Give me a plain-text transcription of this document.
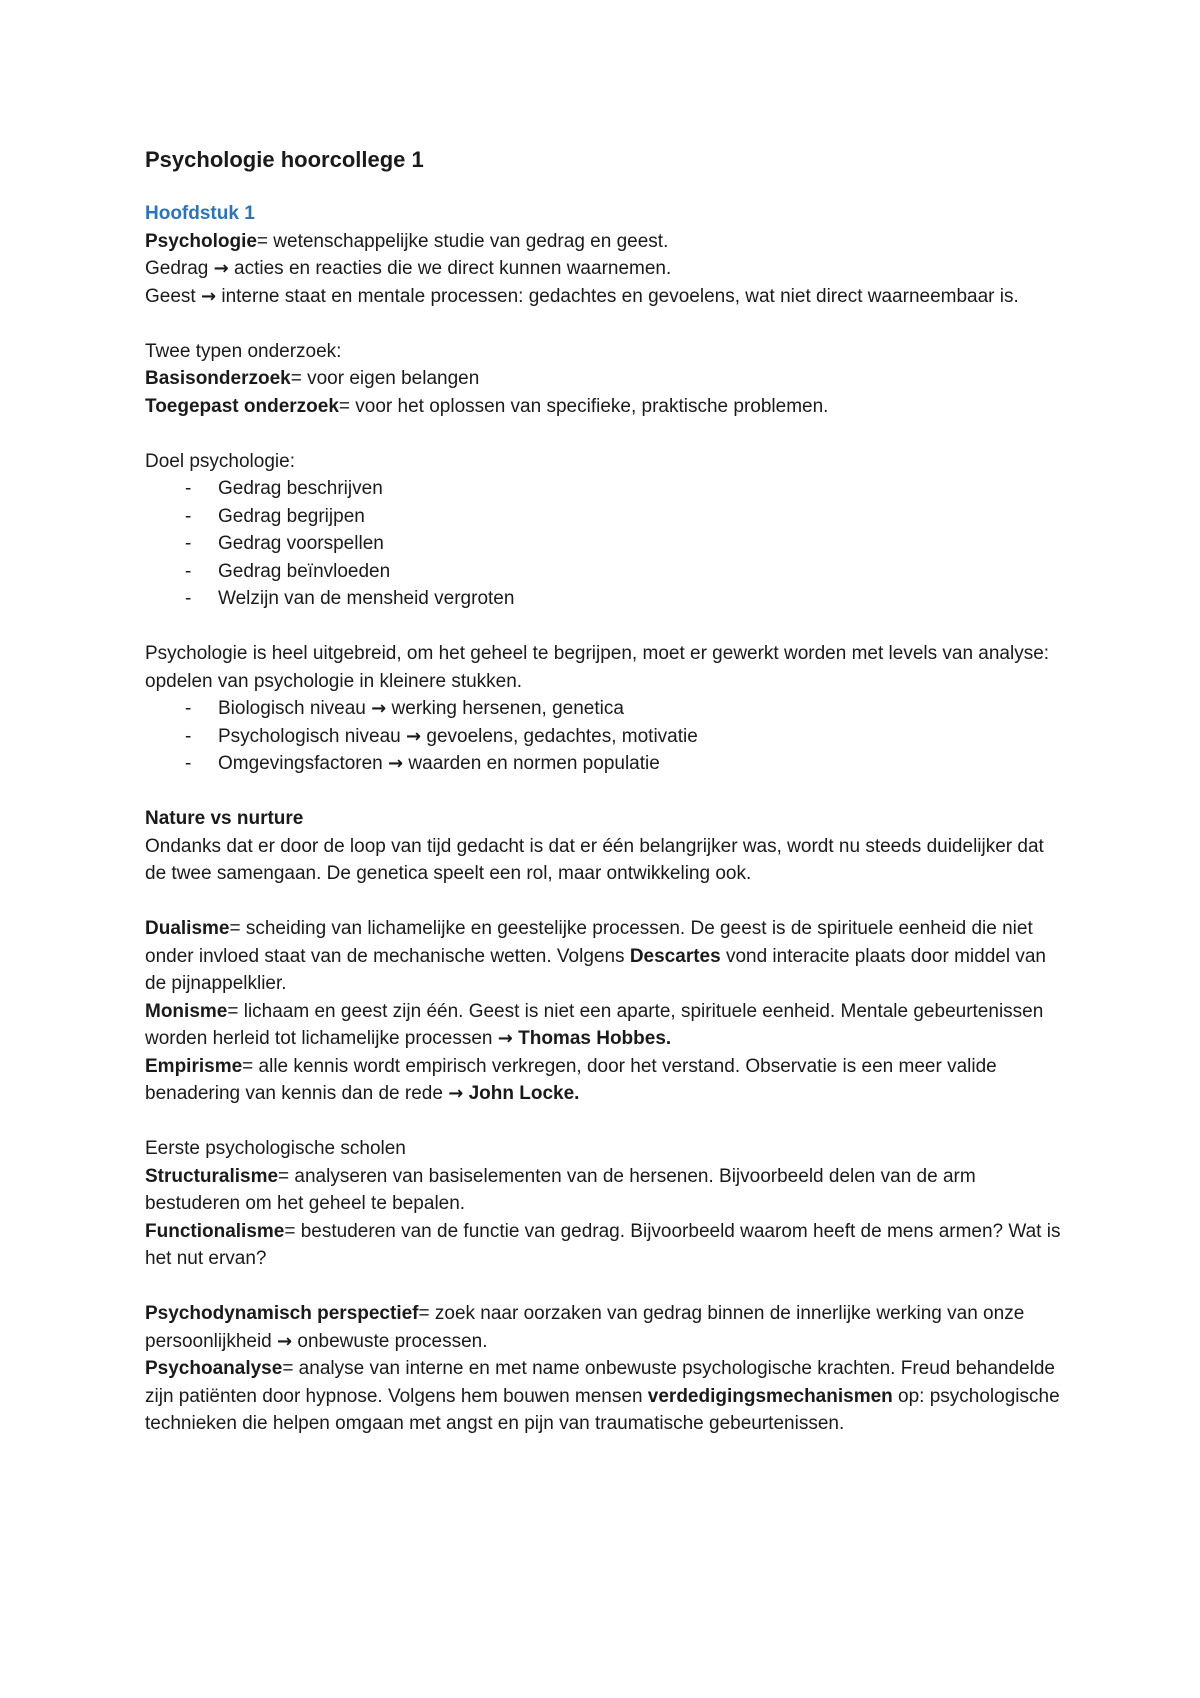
Psychologie hoorcollege 1

Hoofdstuk 1

Psychologie= wetenschappelijke studie van gedrag en geest.

Gedrag → acties en reacties die we direct kunnen waarnemen.

Geest → interne staat en mentale processen: gedachtes en gevoelens, wat niet direct waarneembaar is.

Twee typen onderzoek:

Basisonderzoek= voor eigen belangen

Toegepast onderzoek= voor het oplossen van specifieke, praktische problemen.

Doel psychologie:

- Gedrag beschrijven
- Gedrag begrijpen
- Gedrag voorspellen
- Gedrag beïnvloeden
- Welzijn van de mensheid vergroten

Psychologie is heel uitgebreid, om het geheel te begrijpen, moet er gewerkt worden met levels van analyse: opdelen van psychologie in kleinere stukken.

- Biologisch niveau → werking hersenen, genetica
- Psychologisch niveau → gevoelens, gedachtes, motivatie
- Omgevingsfactoren → waarden en normen populatie

Nature vs nurture

Ondanks dat er door de loop van tijd gedacht is dat er één belangrijker was, wordt nu steeds duidelijker dat de twee samengaan. De genetica speelt een rol, maar ontwikkeling ook.

Dualisme= scheiding van lichamelijke en geestelijke processen. De geest is de spirituele eenheid die niet onder invloed staat van de mechanische wetten. Volgens Descartes vond interacite plaats door middel van de pijnappelklier.

Monisme= lichaam en geest zijn één. Geest is niet een aparte, spirituele eenheid. Mentale gebeurtenissen worden herleid tot lichamelijke processen → Thomas Hobbes.

Empirisme= alle kennis wordt empirisch verkregen, door het verstand. Observatie is een meer valide benadering van kennis dan de rede → John Locke.

Eerste psychologische scholen

Structuralisme= analyseren van basiselementen van de hersenen. Bijvoorbeeld delen van de arm bestuderen om het geheel te bepalen.

Functionalisme= bestuderen van de functie van gedrag. Bijvoorbeeld waarom heeft de mens armen? Wat is het nut ervan?

Psychodynamisch perspectief= zoek naar oorzaken van gedrag binnen de innerlijke werking van onze persoonlijkheid → onbewuste processen.

Psychoanalyse= analyse van interne en met name onbewuste psychologische krachten. Freud behandelde zijn patiënten door hypnose. Volgens hem bouwen mensen verdedigingsmechanismen op: psychologische technieken die helpen omgaan met angst en pijn van traumatische gebeurtenissen.
